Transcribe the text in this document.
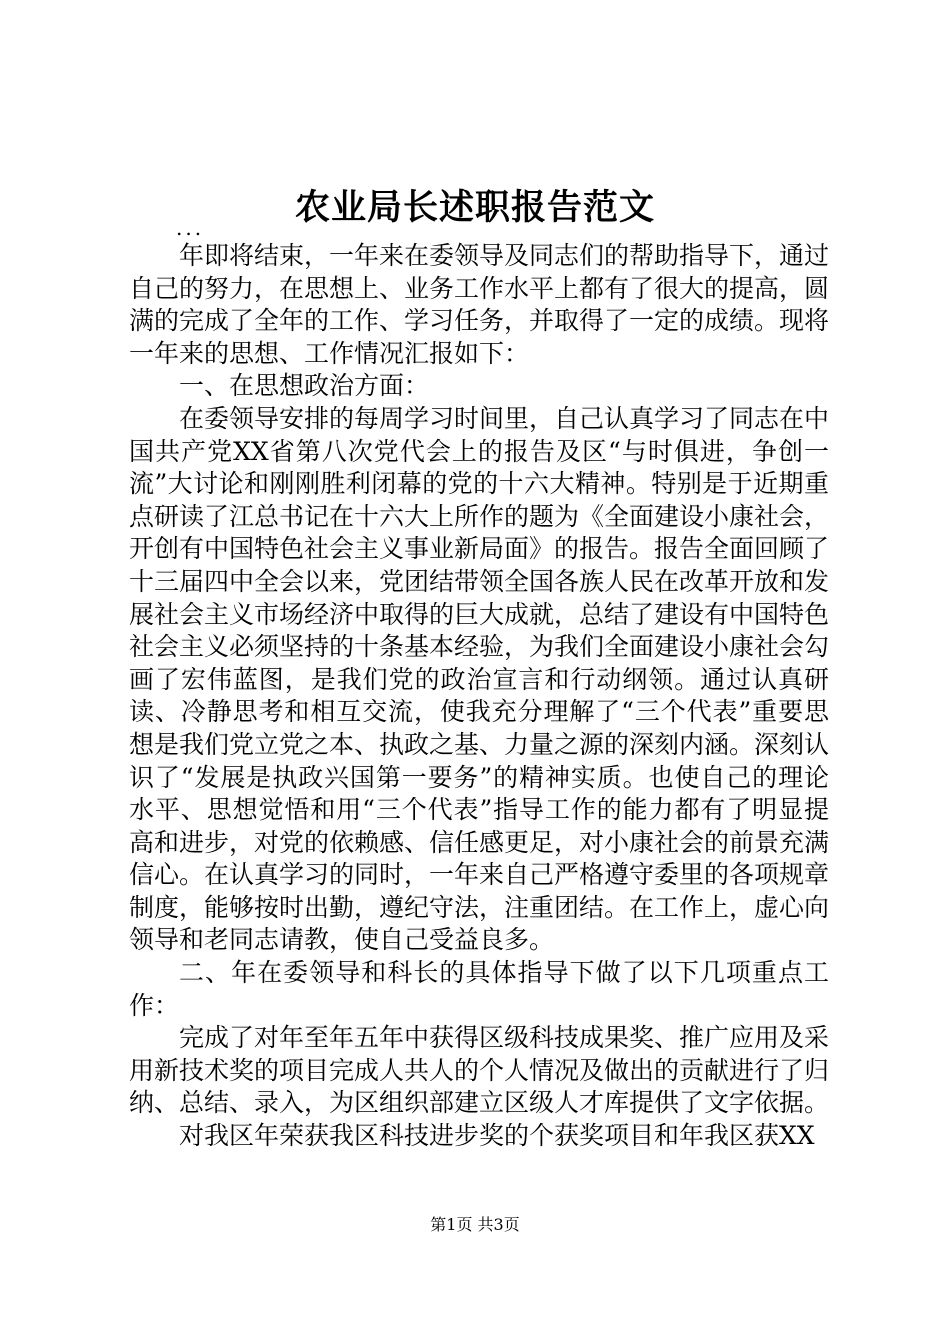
农业局长述职报告范文
...

年即将结束，一年来在委领导及同志们的帮助指导下，通过自己的努力，在思想上、业务工作水平上都有了很大的提高，圆满的完成了全年的工作、学习任务，并取得了一定的成绩。现将一年来的思想、工作情况汇报如下：

一、在思想政治方面：

在委领导安排的每周学习时间里，自己认真学习了同志在中国共产党XX省第八次党代会上的报告及区“与时俱进，争创一流”大讨论和刚刚胜利闭幕的党的十六大精神。特别是于近期重点研读了江总书记在十六大上所作的题为《全面建设小康社会，开创有中国特色社会主义事业新局面》的报告。报告全面回顾了十三届四中全会以来，党团结带领全国各族人民在改革开放和发展社会主义市场经济中取得的巨大成就，总结了建设有中国特色社会主义必须坚持的十条基本经验，为我们全面建设小康社会勾画了宏伟蓝图，是我们党的政治宣言和行动纲领。通过认真研读、冷静思考和相互交流，使我充分理解了“三个代表”重要思想是我们党立党之本、执政之基、力量之源的深刻内涵。深刻认识了“发展是执政兴国第一要务”的精神实质。也使自己的理论水平、思想觉悟和用“三个代表”指导工作的能力都有了明显提高和进步，对党的依赖感、信任感更足，对小康社会的前景充满信心。在认真学习的同时，一年来自己严格遵守委里的各项规章制度，能够按时出勤，遵纪守法，注重团结。在工作上，虚心向领导和老同志请教，使自己受益良多。

二、年在委领导和科长的具体指导下做了以下几项重点工作：

完成了对年至年五年中获得区级科技成果奖、推广应用及采用新技术奖的项目完成人共人的个人情况及做出的贡献进行了归纳、总结、录入，为区组织部建立区级人才库提供了文字依据。

对我区年荣获我区科技进步奖的个获奖项目和年我区获XX

第1页 共3页
